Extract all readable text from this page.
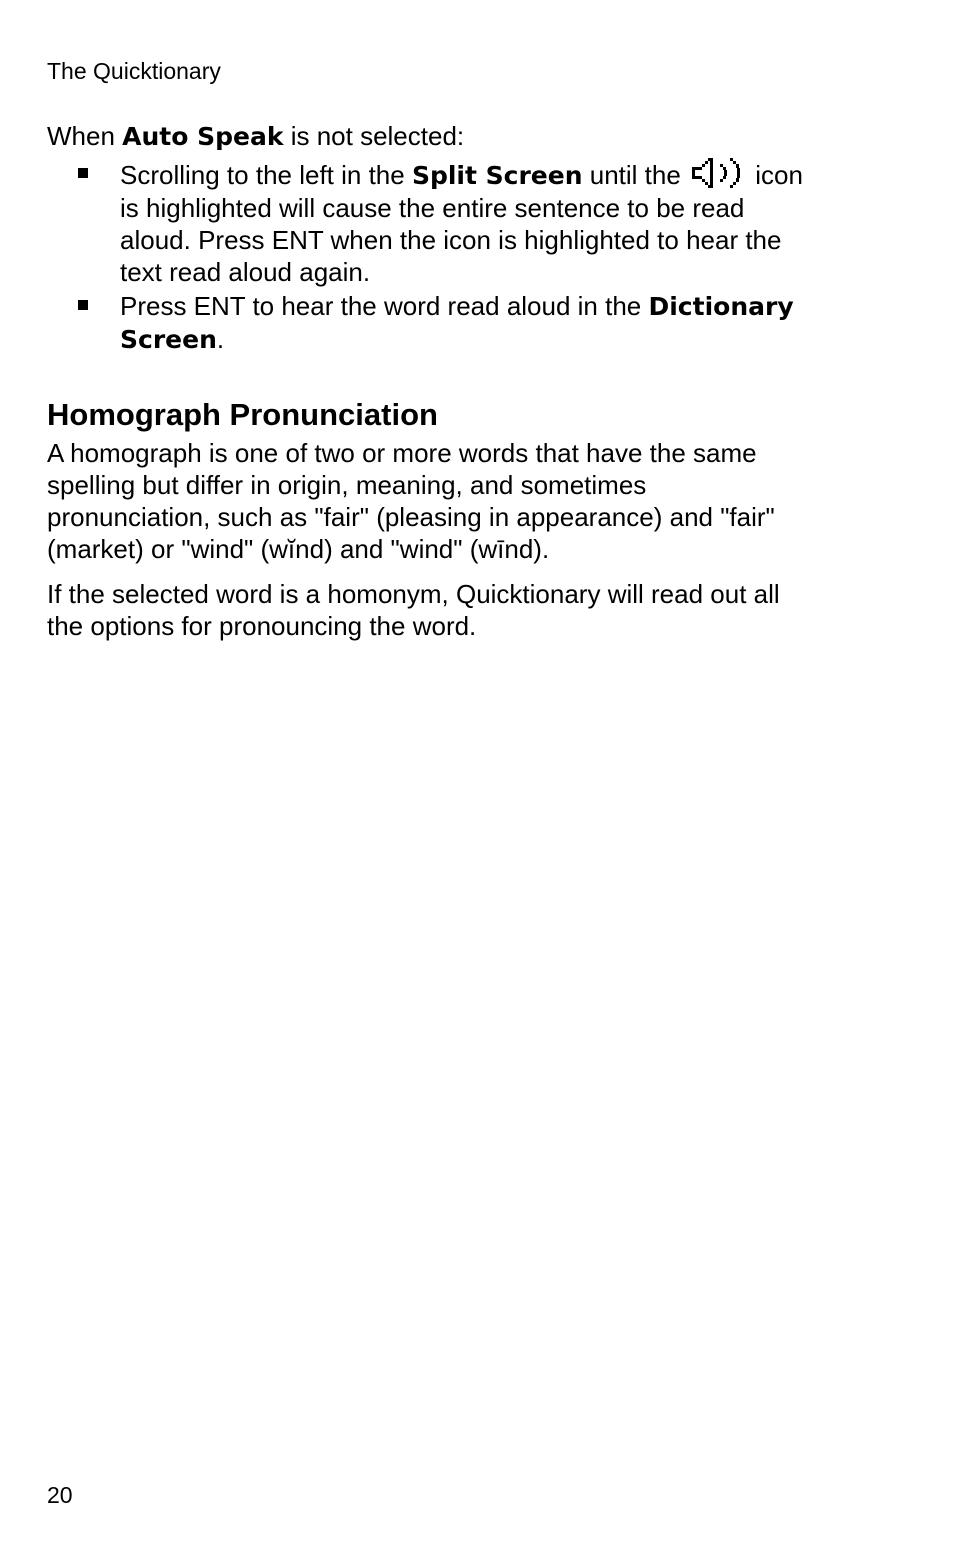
The Quicktionary

When Auto Speak is not selected:

Scrolling to the left in the Split Screen until the  icon is highlighted will cause the entire sentence to be read aloud. Press ENT when the icon is highlighted to hear the text read aloud again.
Press ENT to hear the word read aloud in the Dictionary Screen.
Homograph Pronunciation

A homograph is one of two or more words that have the same spelling but differ in origin, meaning, and sometimes pronunciation, such as "fair" (pleasing in appearance) and "fair" (market) or "wind" (wĭnd) and "wind" (wīnd).

If the selected word is a homonym, Quicktionary will read out all the options for pronouncing the word.

20
